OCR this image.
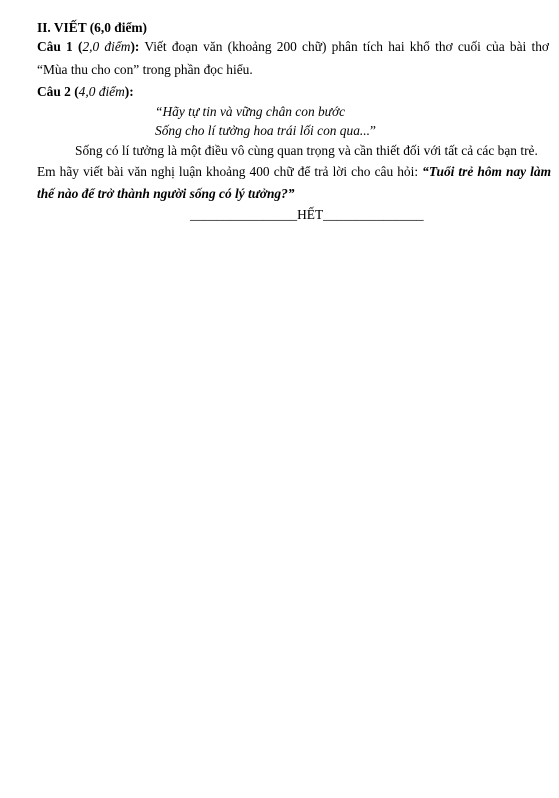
II. VIẾT (6,0 điểm)
Câu 1 (2,0 điểm): Viết đoạn văn (khoảng 200 chữ) phân tích hai khổ thơ cuối của bài thơ
“Mùa thu cho con” trong phần đọc hiểu.
Câu 2 (4,0 điểm):
“Hãy tự tin và vững chân con bước
Sống cho lí tưởng hoa trái lối con qua...”
Sống có lí tưởng là một điều vô cùng quan trọng và cần thiết đối với tất cả các bạn trẻ.
Em hãy viết bài văn nghị luận khoảng 400 chữ để trả lời cho câu hỏi: “Tuổi trẻ hôm nay làm
thế nào để trở thành người sống có lý tưởng?”
________________HẾT_______________
